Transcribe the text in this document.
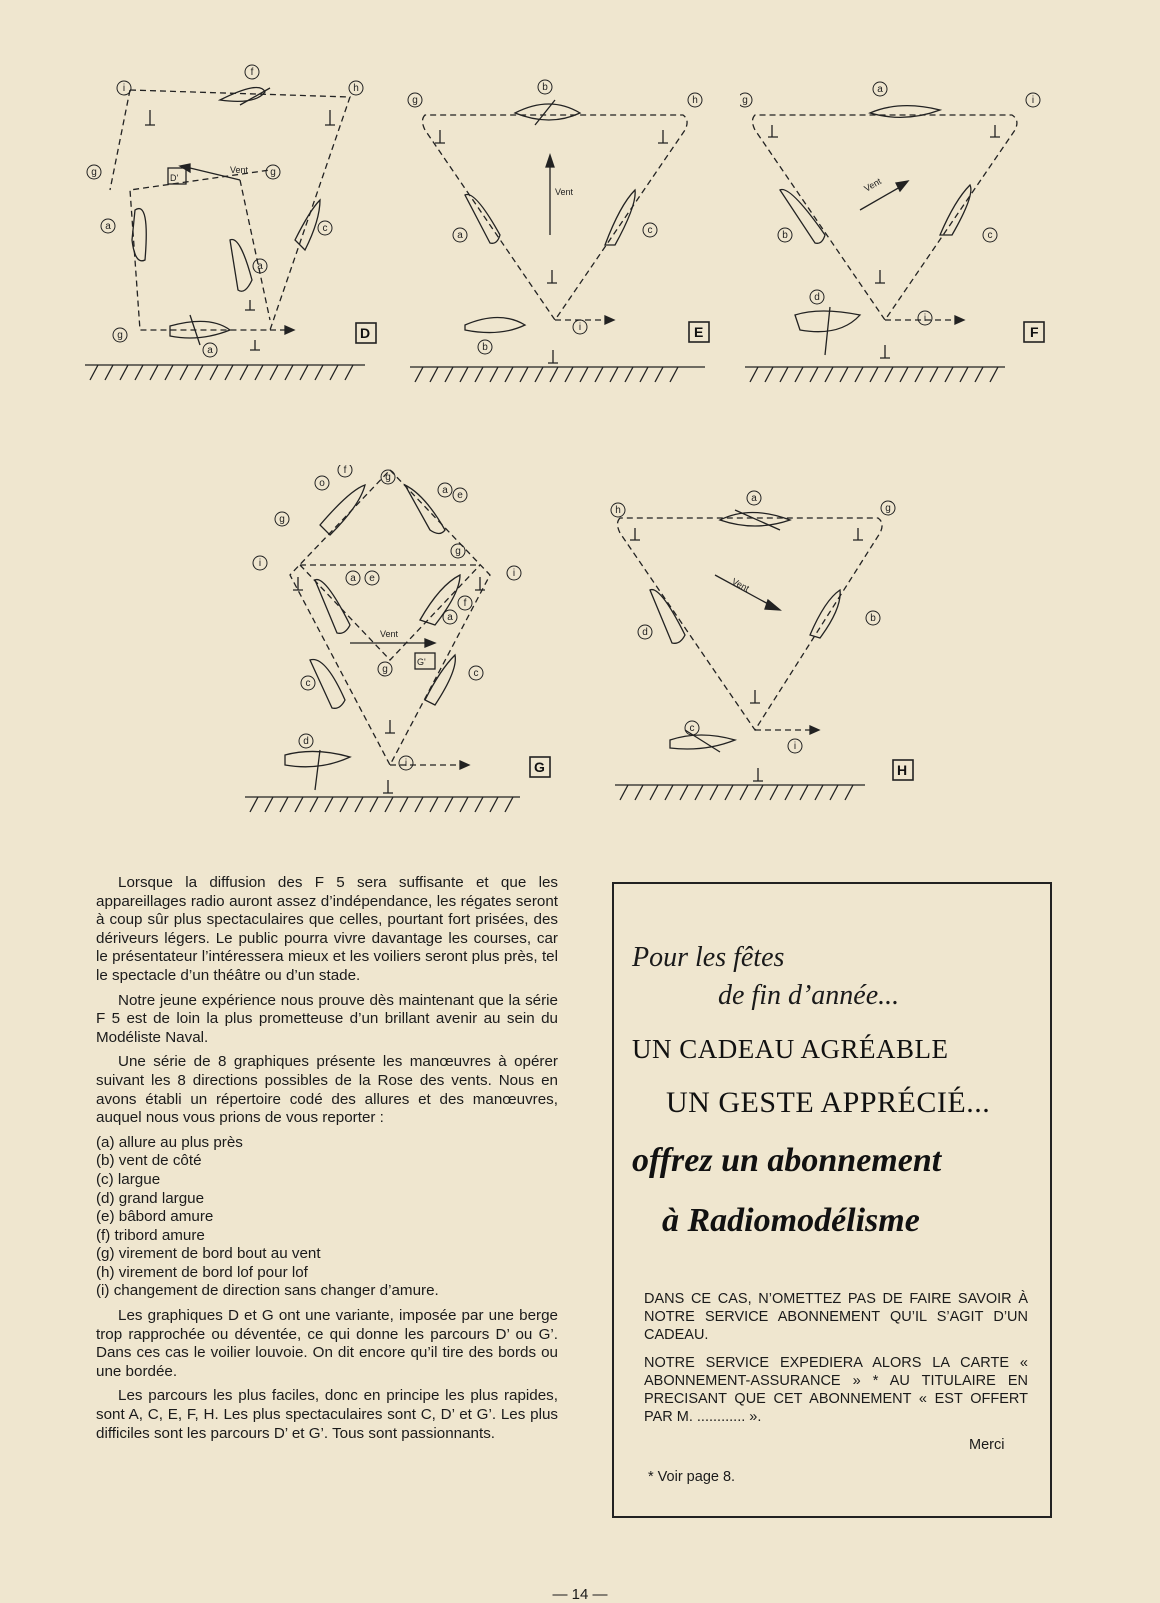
D
D'
Vent
i
f
h
g	g
a	c
a
g
a
E
Vent
g
b
h
a	c
b
i	F
Vent
g
a
i
b	c
d
i
G
G'
Vent
o
f
g
e
a
g
g
i
a e	i
f
a
g
c
c
d
i	H
Vent
h
a
g
d
b
c
i

Lorsque la diffusion des F 5 sera suffisante et que les appareillages radio auront assez d’indépendance, les régates seront à coup sûr plus spectaculaires que celles, pourtant fort prisées, des dériveurs légers. Le public pourra vivre davantage les courses, car le présentateur l’intéressera mieux et les voiliers seront plus près, tel le spectacle d’un théâtre ou d’un stade.

Notre jeune expérience nous prouve dès maintenant que la série F 5 est de loin la plus prometteuse d’un brillant avenir au sein du Modéliste Naval.

Une série de 8 graphiques présente les manœuvres à opérer suivant les 8 directions possibles de la Rose des vents. Nous en avons établi un répertoire codé des allures et des manœuvres, auquel nous vous prions de vous reporter :

(a) allure au plus près
(b) vent de côté
(c) largue
(d) grand largue
(e) bâbord amure
(f) tribord amure
(g) virement de bord bout au vent
(h) virement de bord lof pour lof
(i) changement de direction sans changer d’amure.

Les graphiques D et G ont une variante, imposée par une berge trop rapprochée ou déventée, ce qui donne les parcours D’ ou G’. Dans ces cas le voilier louvoie. On dit encore qu’il tire des bords ou une bordée.

Les parcours les plus faciles, donc en principe les plus rapides, sont A, C, E, F, H. Les plus spectaculaires sont C, D’ et G’. Les plus difficiles sont les parcours D’ et G’. Tous sont passionnants.

Pour les fêtes
de fin d’année...
UN CADEAU AGRÉABLE
UN GESTE APPRÉCIÉ...
offrez un abonnement
à Radiomodélisme
DANS CE CAS, N’OMETTEZ PAS DE FAIRE SAVOIR À NOTRE SERVICE ABONNEMENT QU’IL S’AGIT D’UN CADEAU.
NOTRE SERVICE EXPEDIERA ALORS LA CARTE « ABONNEMENT-ASSURANCE » * AU TITULAIRE EN PRECISANT QUE CET ABONNEMENT « EST OFFERT PAR M. ............ ».
Merci
* Voir page 8.
— 14 —
